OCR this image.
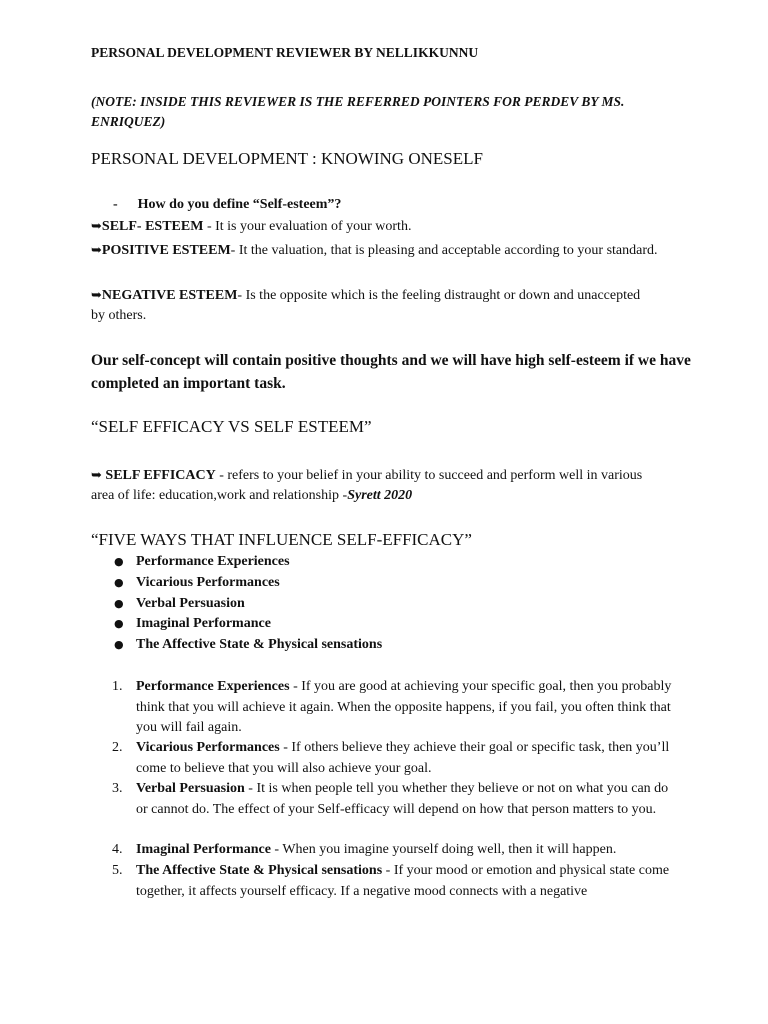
PERSONAL DEVELOPMENT REVIEWER BY NELLIKKUNNU

(NOTE: INSIDE THIS REVIEWER IS THE REFERRED POINTERS FOR PERDEV BY MS. ENRIQUEZ)

PERSONAL DEVELOPMENT : KNOWING ONESELF

- How do you define “Self-esteem”?

➥SELF- ESTEEM - It is your evaluation of your worth.

➥POSITIVE ESTEEM- It the valuation, that is pleasing and acceptable according to your standard.

➥NEGATIVE ESTEEM- Is the opposite which is the feeling distraught or down and unaccepted by others.

Our self-concept will contain positive thoughts and we will have high self-esteem if we have completed an important task.

“SELF EFFICACY VS SELF ESTEEM”

➥ SELF EFFICACY - refers to your belief in your ability to succeed and perform well in various area of life: education,work and relationship -Syrett 2020

“FIVE WAYS THAT INFLUENCE SELF-EFFICACY”

● Performance Experiences
● Vicarious Performances
● Verbal Persuasion
● Imaginal Performance
● The Affective State & Physical sensations
1. Performance Experiences - If you are good at achieving your specific goal, then you probably think that you will achieve it again. When the opposite happens, if you fail, you often think that you will fail again.
2. Vicarious Performances - If others believe they achieve their goal or specific task, then you’ll come to believe that you will also achieve your goal.
3. Verbal Persuasion - It is when people tell you whether they believe or not on what you can do or cannot do. The effect of your Self-efficacy will depend on how that person matters to you.
4. Imaginal Performance - When you imagine yourself doing well, then it will happen.
5. The Affective State & Physical sensations - If your mood or emotion and physical state come together, it affects yourself efficacy. If a negative mood connects with a negative
